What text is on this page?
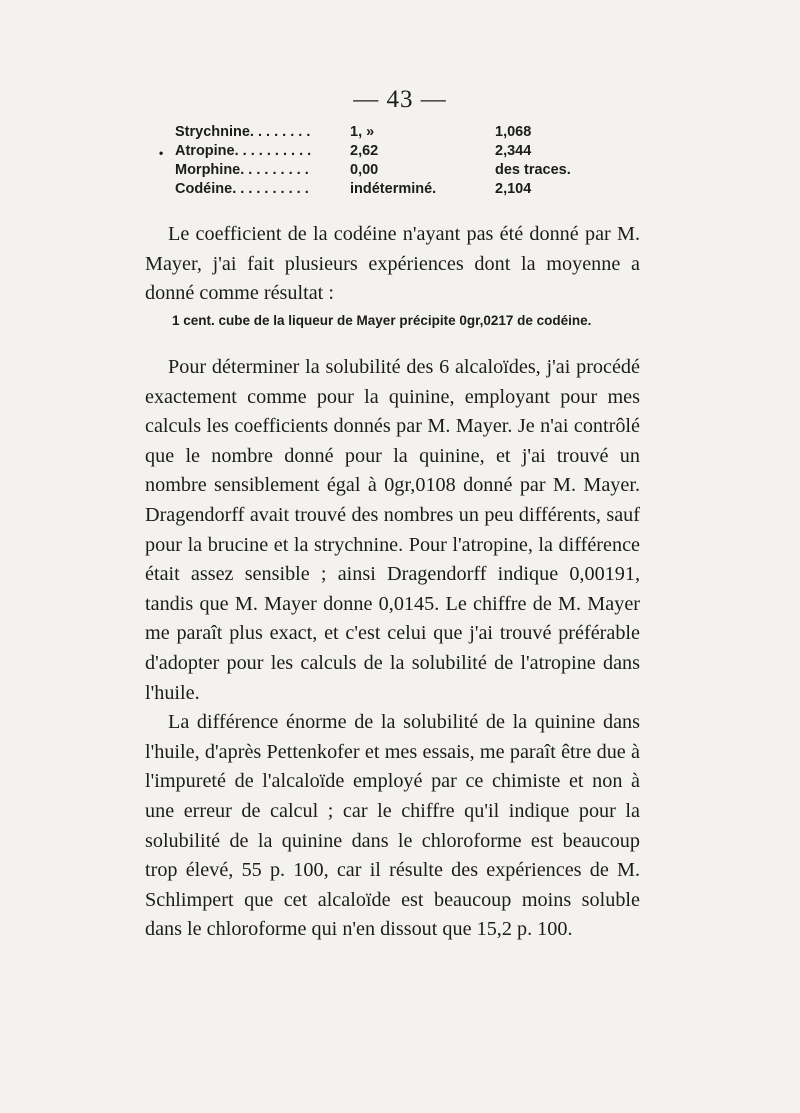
— 43 —
Strychnine. . . . . . . .	1, »	1,068
• Atropine. . . . . . . . . .	2,62	2,344
Morphine. . . . . . . . .	0,00	des traces.
Codéine. . . . . . . . . .	indéterminé.	2,104
Le coefficient de la codéine n'ayant pas été donné par M. Mayer, j'ai fait plusieurs expériences dont la moyenne a donné comme résultat :
1 cent. cube de la liqueur de Mayer précipite 0gr,0217 de codéine.
Pour déterminer la solubilité des 6 alcaloïdes, j'ai procédé exactement comme pour la quinine, employant pour mes calculs les coefficients donnés par M. Mayer. Je n'ai contrôlé que le nombre donné pour la quinine, et j'ai trouvé un nombre sensiblement égal à 0gr,0108 donné par M. Mayer. Dragendorff avait trouvé des nombres un peu différents, sauf pour la brucine et la strychnine. Pour l'atropine, la différence était assez sensible ; ainsi Dragendorff indique 0,00191, tandis que M. Mayer donne 0,0145. Le chiffre de M. Mayer me paraît plus exact, et c'est celui que j'ai trouvé préférable d'adopter pour les calculs de la solubilité de l'atropine dans l'huile.
La différence énorme de la solubilité de la quinine dans l'huile, d'après Pettenkofer et mes essais, me paraît être due à l'impureté de l'alcaloïde employé par ce chimiste et non à une erreur de calcul ; car le chiffre qu'il indique pour la solubilité de la quinine dans le chloroforme est beaucoup trop élevé, 55 p. 100, car il résulte des expériences de M. Schlimpert que cet alcaloïde est beaucoup moins soluble dans le chloroforme qui n'en dissout que 15,2 p. 100.
